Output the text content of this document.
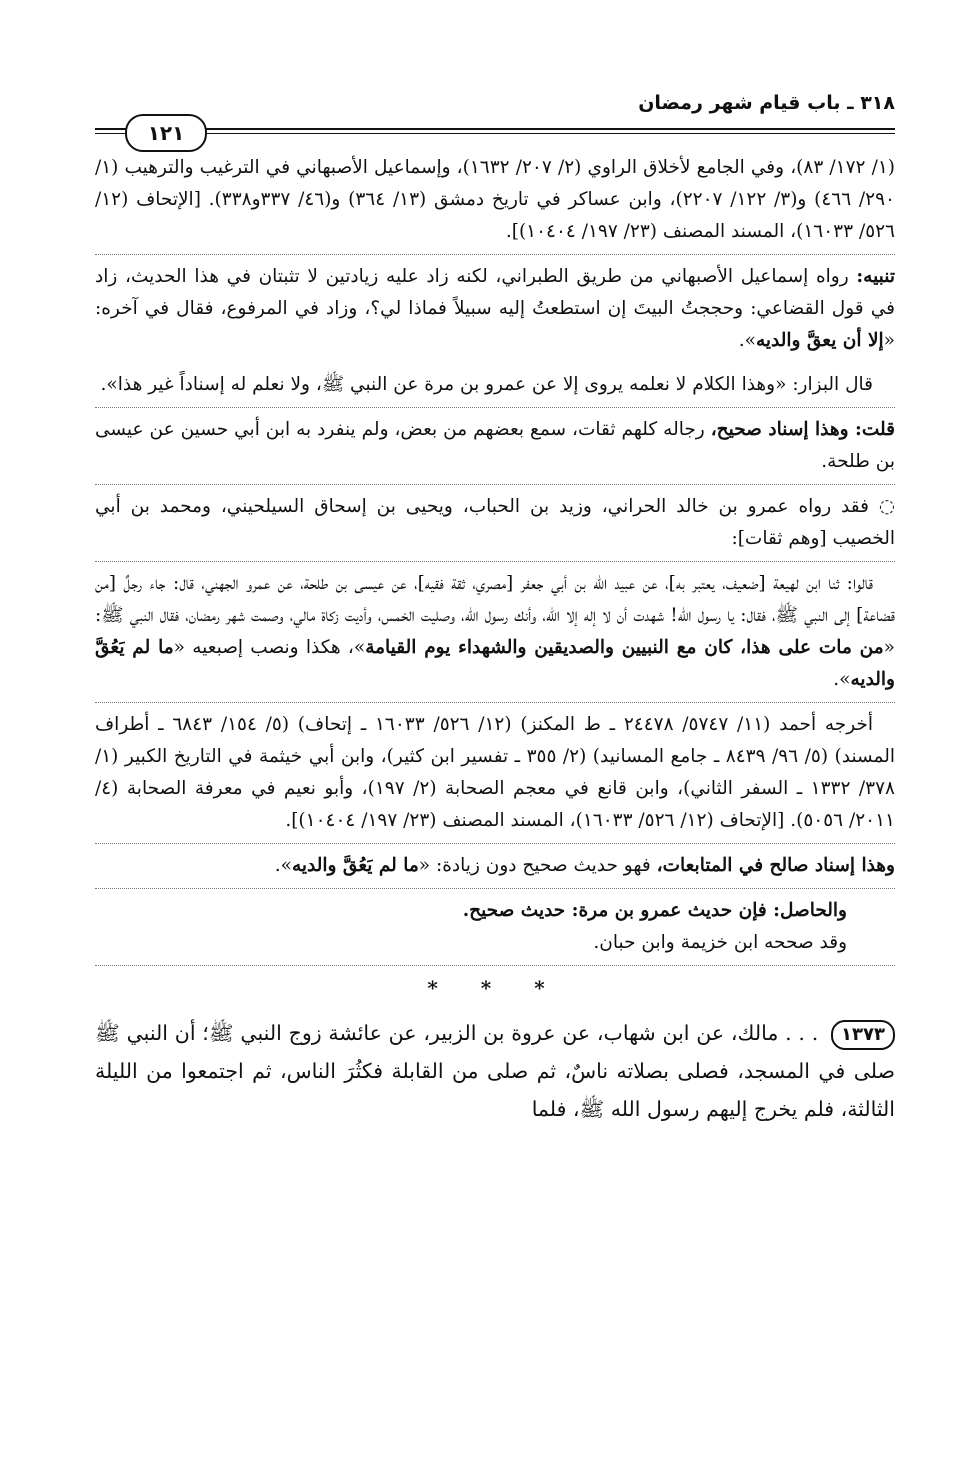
٣١٨ ـ باب قيام شهر رمضان
١٢١
(١/ ١٧٢/ ٨٣)، وفي الجامع لأخلاق الراوي (٢/ ٢٠٧/ ١٦٣٢)، وإسماعيل الأصبهاني في الترغيب والترهيب (١/ ٢٩٠/ ٤٦٦) و(٣/ ١٢٢/ ٢٢٠٧)، وابن عساكر في تاريخ دمشق (١٣/ ٣٦٤) و(٤٦/ ٣٣٧و٣٣٨). [الإتحاف (١٢/ ٥٢٦/ ١٦٠٣٣)، المسند المصنف (٢٣/ ١٩٧/ ١٠٤٠٤)].
تنبيه: رواه إسماعيل الأصبهاني من طريق الطبراني، لكنه زاد عليه زيادتين لا تثبتان في هذا الحديث، زاد في قول القضاعي: وحججتُ البيتَ إن استطعتُ إليه سبيلاً فماذا لي؟، وزاد في المرفوع، فقال في آخره: «إلا أن يعقَّ والديه».
قال البزار: «وهذا الكلام لا نعلمه يروى إلا عن عمرو بن مرة عن النبي ﷺ، ولا نعلم له إسناداً غير هذا».
قلت: وهذا إسناد صحيح، رجاله كلهم ثقات، سمع بعضهم من بعض، ولم ينفرد به ابن أبي حسين عن عيسى بن طلحة.
◌ فقد رواه عمرو بن خالد الحراني، وزيد بن الحباب، ويحيى بن إسحاق السيلحيني، ومحمد بن أبي الخصيب [وهم ثقات]:
قالوا: ثنا ابن لهيعة [ضعيف، يعتبر به]، عن عبيد الله بن أبي جعفر [مصري، ثقة فقيه]، عن عيسى بن طلحة، عن عمرو الجهني، قال: جاء رجلٌ [من قضاعة] إلى النبي ﷺ، فقال: يا رسول الله! شهدت أن لا إله إلا الله، وأنك رسول الله، وصليت الخمس، وأديت زكاة مالي، وصمت شهر رمضان، فقال النبي ﷺ: «من مات على هذا، كان مع النبيين والصديقين والشهداء يوم القيامة»، هكذا ونصب إصبعيه «ما لم يَعُقَّ والديه».
أخرجه أحمد (١١/ ٥٧٤٧/ ٢٤٤٧٨ ـ ط المكنز) (١٢/ ٥٢٦/ ١٦٠٣٣ ـ إتحاف) (٥/ ١٥٤/ ٦٨٤٣ ـ أطراف المسند) (٥/ ٩٦/ ٨٤٣٩ ـ جامع المسانيد) (٢/ ٣٥٥ ـ تفسير ابن كثير)، وابن أبي خيثمة في التاريخ الكبير (١/ ٣٧٨/ ١٣٣٢ ـ السفر الثاني)، وابن قانع في معجم الصحابة (٢/ ١٩٧)، وأبو نعيم في معرفة الصحابة (٤/ ٢٠١١/ ٥٠٥٦). [الإتحاف (١٢/ ٥٢٦/ ١٦٠٣٣)، المسند المصنف (٢٣/ ١٩٧/ ١٠٤٠٤)].
وهذا إسناد صالح في المتابعات، فهو حديث صحيح دون زيادة: «ما لم يَعُقَّ والديه».
والحاصل: فإن حديث عمرو بن مرة: حديث صحيح.
وقد صححه ابن خزيمة وابن حبان.
* * *
١٣٧٣ . . . مالك، عن ابن شهاب، عن عروة بن الزبير، عن عائشة زوج النبي ﷺ؛ أن النبي ﷺ صلى في المسجد، فصلى بصلاته ناسٌ، ثم صلى من القابلة فكثُرَ الناس، ثم اجتمعوا من الليلة الثالثة، فلم يخرج إليهم رسول الله ﷺ، فلما
